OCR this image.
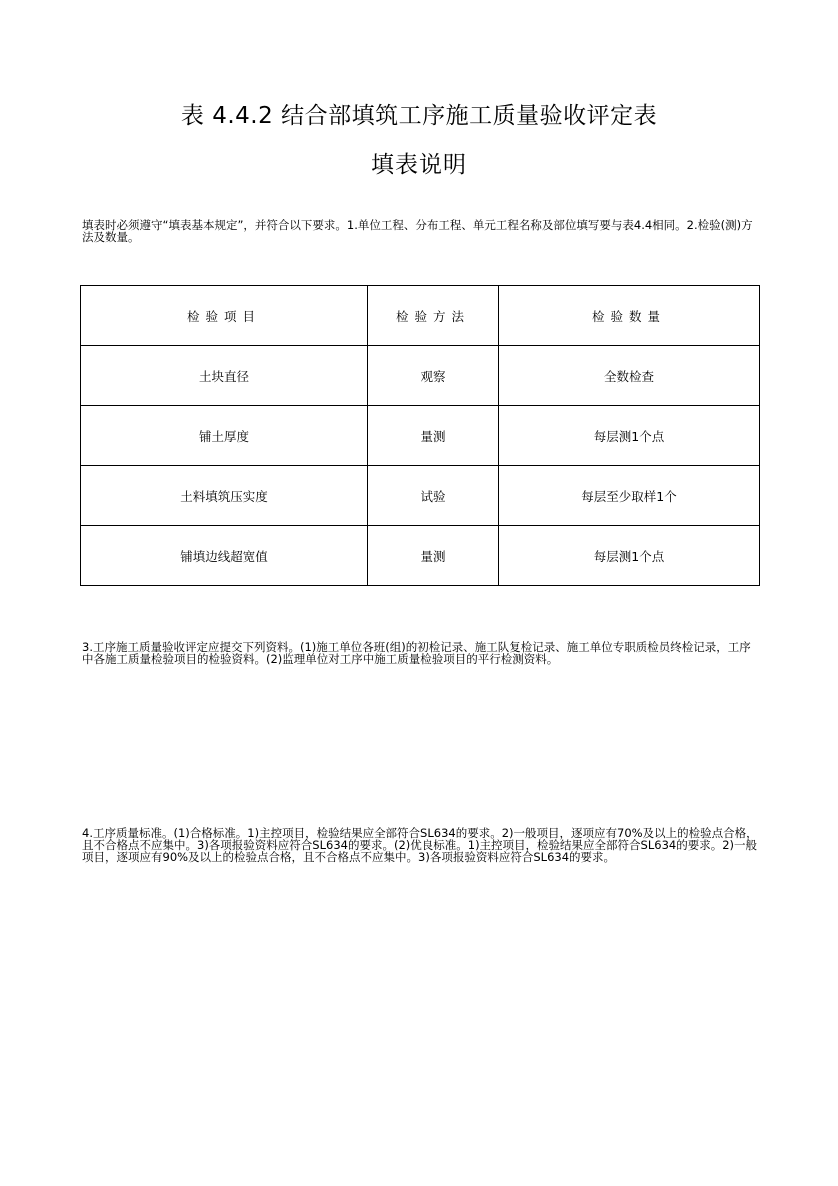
表 4.4.2 结合部填筑工序施工质量验收评定表
填表说明

填表时必须遵守“填表基本规定”，并符合以下要求。1.单位工程、分布工程、单元工程名称及部位填写要与表4.4相同。2.检验(测)方法及数量。

检验项目	检验方法	检验数量
土块直径	观察	全数检查
铺土厚度	量测	每层测1个点
土料填筑压实度	试验	每层至少取样1个
铺填边线超宽值	量测	每层测1个点

3.工序施工质量验收评定应提交下列资料。(1)施工单位各班(组)的初检记录、施工队复检记录、施工单位专职质检员终检记录，工序中各施工质量检验项目的检验资料。(2)监理单位对工序中施工质量检验项目的平行检测资料。

4.工序质量标准。(1)合格标准。1)主控项目，检验结果应全部符合SL634的要求。2)一般项目，逐项应有70%及以上的检验点合格，且不合格点不应集中。3)各项报验资料应符合SL634的要求。(2)优良标准。1)主控项目，检验结果应全部符合SL634的要求。2)一般项目，逐项应有90%及以上的检验点合格，且不合格点不应集中。3)各项报验资料应符合SL634的要求。
